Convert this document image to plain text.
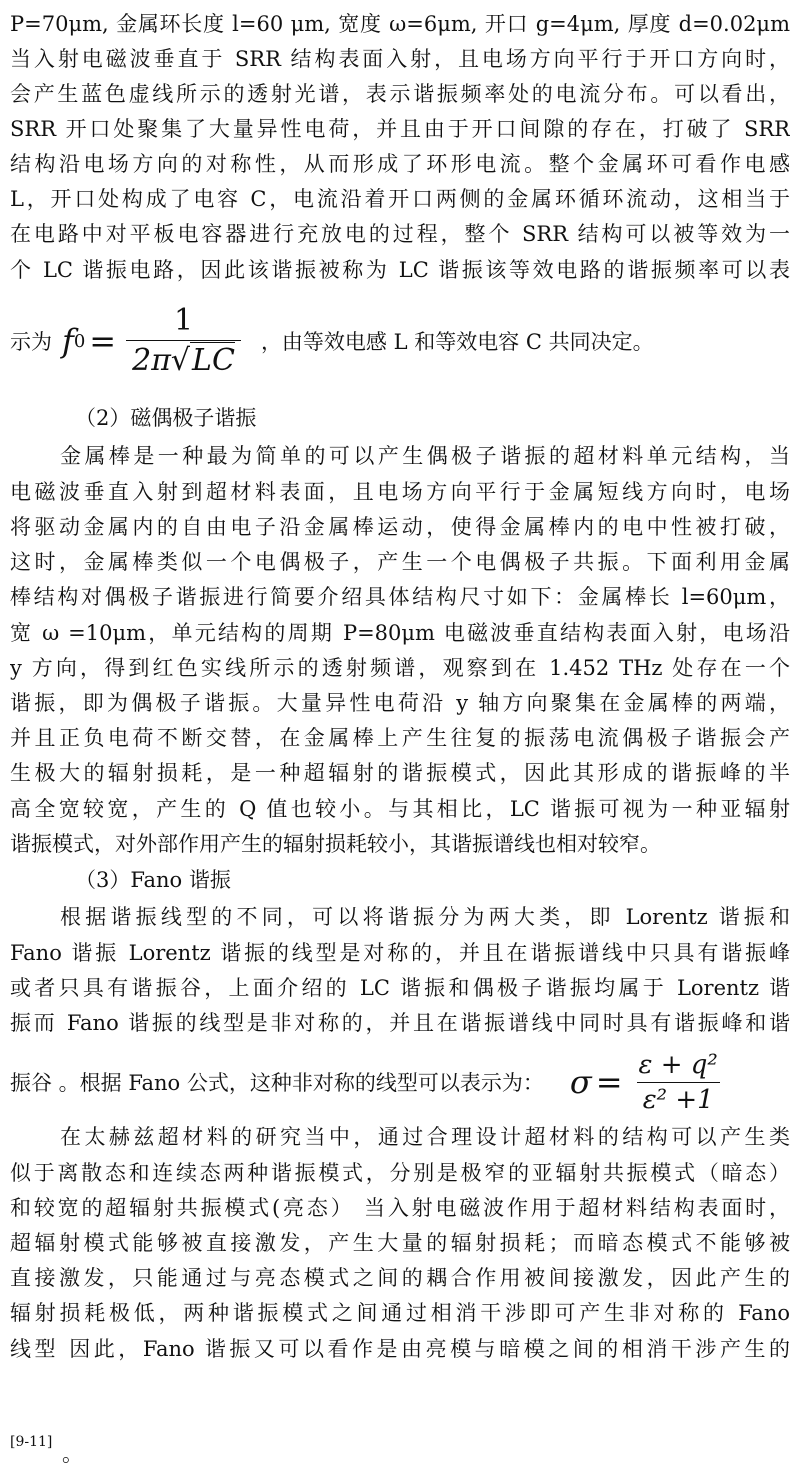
P=70μm, 金属环长度 l=60 μm, 宽度 ω=6μm, 开口 g=4μm, 厚度 d=0.02μm
当入射电磁波垂直于 SRR 结构表面入射，且电场方向平行于开口方向时，
会产生蓝色虚线所示的透射光谱，表示谐振频率处的电流分布。可以看出，
SRR 开口处聚集了大量异性电荷，并且由于开口间隙的存在，打破了 SRR
结构沿电场方向的对称性，从而形成了环形电流。整个金属环可看作电感
L，开口处构成了电容 C，电流沿着开口两侧的金属环循环流动，这相当于
在电路中对平板电容器进行充放电的过程，整个 SRR 结构可以被等效为一
个 LC 谐振电路，因此该谐振被称为 LC 谐振该等效电路的谐振频率可以表
示为 f $0 = \frac{1}{2\pi√LC}$ ，由等效电感 L 和等效电容 C 共同决定。
（2）磁偶极子谐振
金属棒是一种最为简单的可以产生偶极子谐振的超材料单元结构，当
电磁波垂直入射到超材料表面，且电场方向平行于金属短线方向时，电场
将驱动金属内的自由电子沿金属棒运动，使得金属棒内的电中性被打破，
这时，金属棒类似一个电偶极子，产生一个电偶极子共振。下面利用金属
棒结构对偶极子谐振进行简要介绍具体结构尺寸如下：金属棒长 l=60μm，
宽 ω =10μm，单元结构的周期 P=80μm 电磁波垂直结构表面入射，电场沿
y 方向，得到红色实线所示的透射频谱，观察到在 1.452 THz 处存在一个
谐振，即为偶极子谐振。大量异性电荷沿 y 轴方向聚集在金属棒的两端，
并且正负电荷不断交替，在金属棒上产生往复的振荡电流偶极子谐振会产
生极大的辐射损耗，是一种超辐射的谐振模式，因此其形成的谐振峰的半
高全宽较宽，产生的 Q 值也较小。与其相比，LC 谐振可视为一种亚辐射
谐振模式，对外部作用产生的辐射损耗较小，其谐振谱线也相对较窄。
（3）Fano 谐振
根据谐振线型的不同，可以将谐振分为两大类，即 Lorentz 谐振和
Fano 谐振 Lorentz 谐振的线型是对称的，并且在谐振谱线中只具有谐振峰
或者只具有谐振谷，上面介绍的 LC 谐振和偶极子谐振均属于 Lorentz 谐
振而 Fano 谐振的线型是非对称的，并且在谐振谱线中同时具有谐振峰和谐
振谷 。根据 Fano 公式，这种非对称的线型可以表示为： $\sigma = \frac{\text{ε + q²}}{\text{ε² +1}}$
在太赫兹超材料的研究当中，通过合理设计超材料的结构可以产生类
似于离散态和连续态两种谐振模式，分别是极窄的亚辐射共振模式（暗态）
和较宽的超辐射共振模式(亮态） 当入射电磁波作用于超材料结构表面时，
超辐射模式能够被直接激发，产生大量的辐射损耗；而暗态模式不能够被
直接激发，只能通过与亮态模式之间的耦合作用被间接激发，因此产生的
辐射损耗极低，两种谐振模式之间通过相消干涉即可产生非对称的 Fano
线型 因此，Fano 谐振又可以看作是由亮模与暗模之间的相消干涉产生的
[9-11] 。
